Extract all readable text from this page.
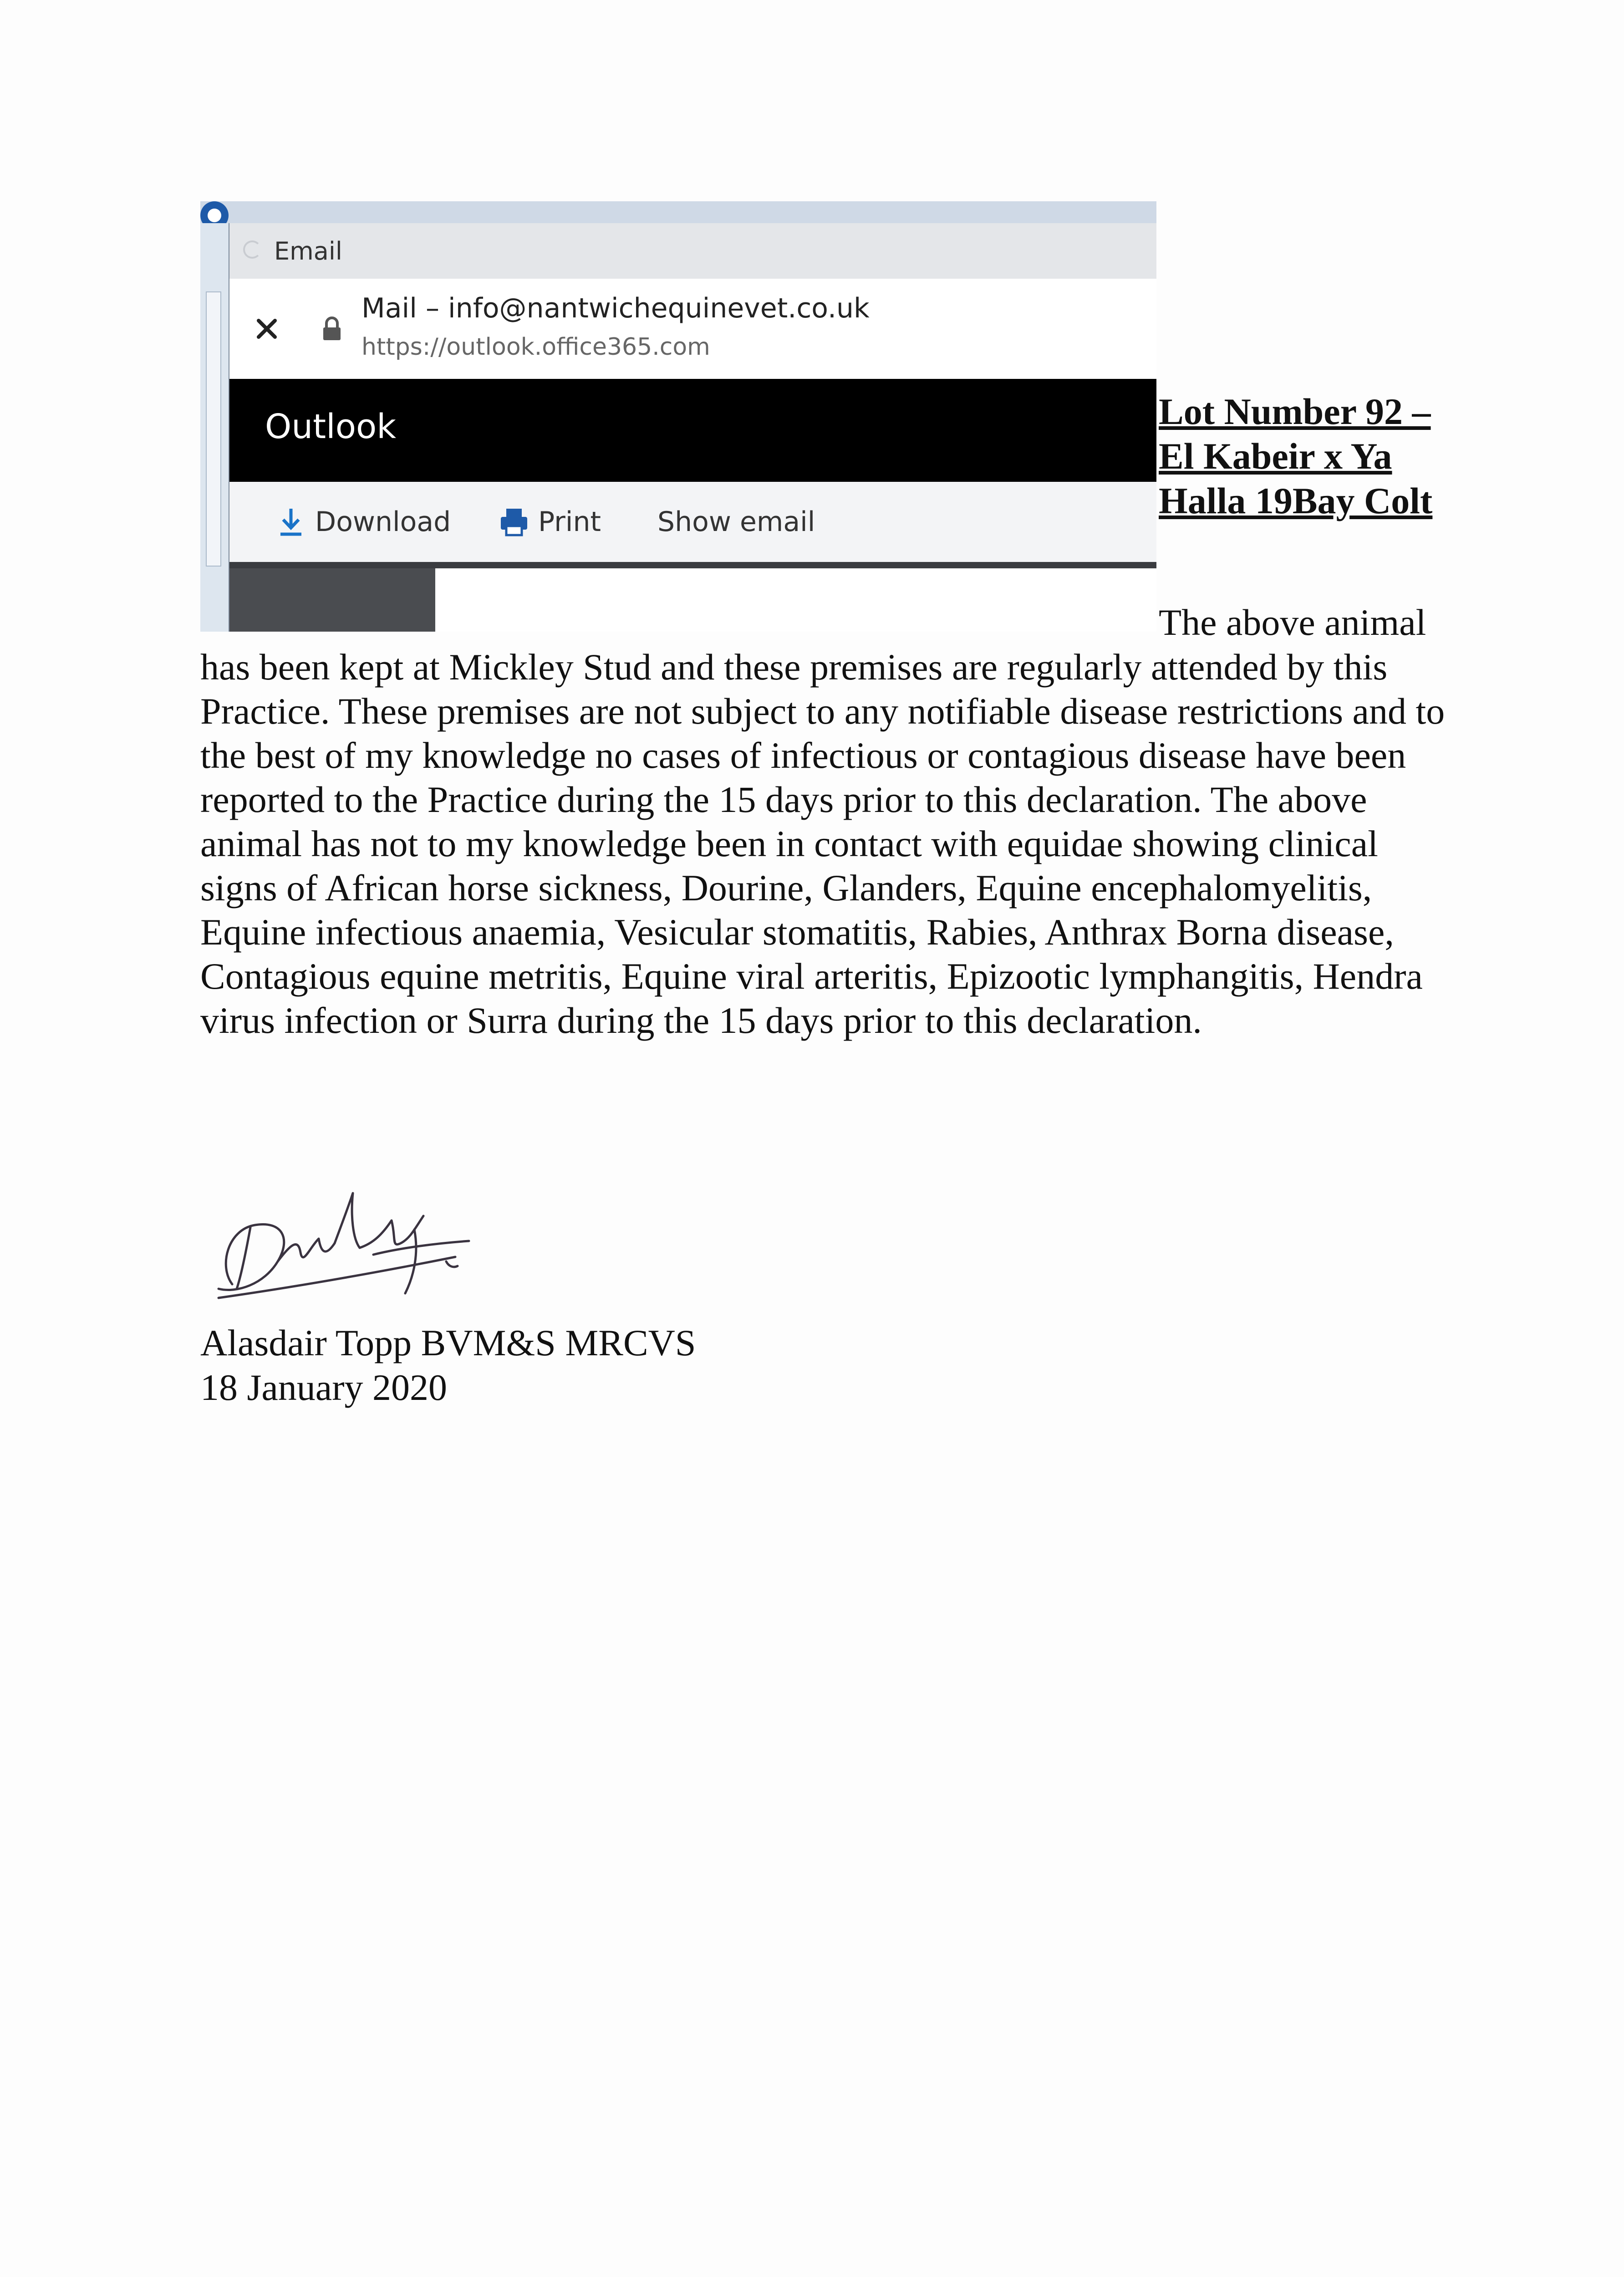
Email
Mail – info@nantwichequinevet.co.uk
https://outlook.office365.com
Outlook
Download	Print Show email
Lot Number 92 –
El Kabeir x Ya
Halla 19Bay Colt
The above animal

has been kept at Mickley Stud and these premises are regularly attended by this Practice. These premises are not subject to any notifiable disease restrictions and to the best of my knowledge no cases of infectious or contagious disease have been reported to the Practice during the 15 days prior to this declaration. The above animal has not to my knowledge been in contact with equidae showing clinical signs of African horse sickness, Dourine, Glanders, Equine encephalomyelitis, Equine infectious anaemia, Vesicular stomatitis, Rabies, Anthrax Borna disease, Contagious equine metritis, Equine viral arteritis, Epizootic lymphangitis, Hendra virus infection or Surra during the 15 days prior to this declaration.

Alasdair Topp BVM&S MRCVS
18 January 2020
